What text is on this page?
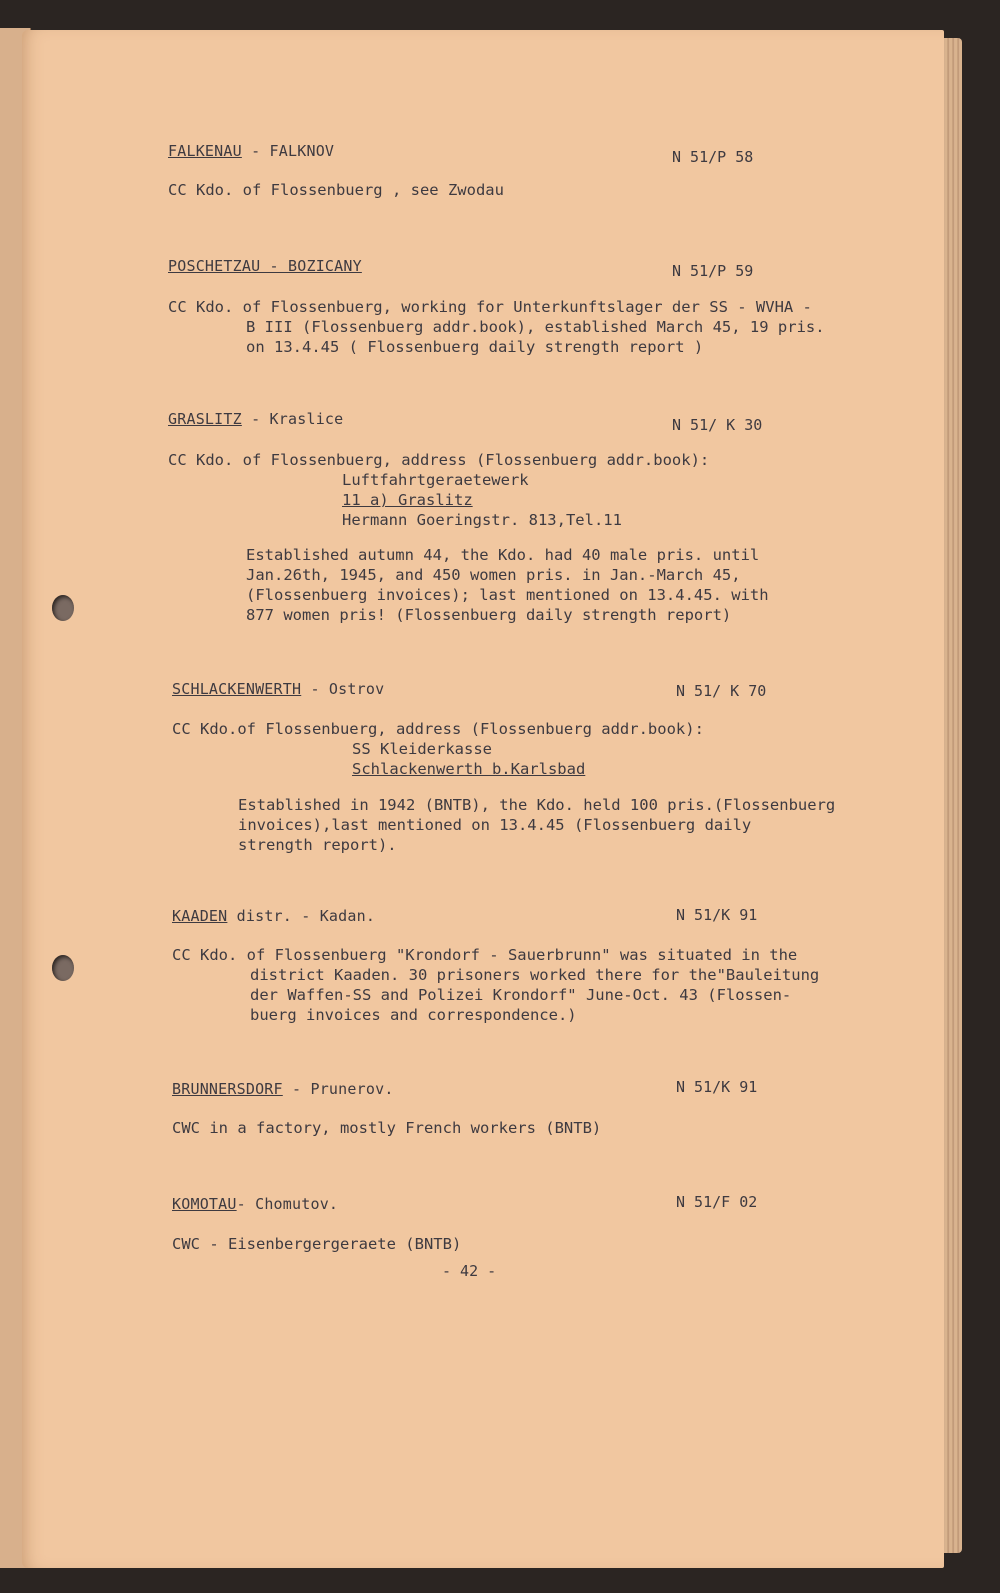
FALKENAU - FALKNOV	N 51/P 58
CC Kdo. of Flossenbuerg , see Zwodau
POSCHETZAU - BOZICANY	N 51/P 59
CC Kdo. of Flossenbuerg, working for Unterkunftslager der SS - WVHA -
B III (Flossenbuerg addr.book), established March 45, 19 pris.
on 13.4.45 ( Flossenbuerg daily strength report )
GRASLITZ - Kraslice	N 51/ K 30
CC Kdo. of Flossenbuerg, address (Flossenbuerg addr.book):
Luftfahrtgeraetewerk
11 a) Graslitz
Hermann Goeringstr. 813,Tel.11
Established autumn 44, the Kdo. had 40 male pris. until
Jan.26th, 1945, and 450 women pris. in Jan.-March 45,
(Flossenbuerg invoices); last mentioned on 13.4.45. with
877 women pris! (Flossenbuerg daily strength report)
SCHLACKENWERTH - Ostrov	N 51/ K 70
CC Kdo.of Flossenbuerg, address (Flossenbuerg addr.book):
SS Kleiderkasse
Schlackenwerth b.Karlsbad
Established in 1942 (BNTB), the Kdo. held 100 pris.(Flossenbuerg
invoices),last mentioned on 13.4.45 (Flossenbuerg daily
strength report).
KAADEN distr. - Kadan.	N 51/K 91
CC Kdo. of Flossenbuerg "Krondorf - Sauerbrunn" was situated in the
district Kaaden. 30 prisoners worked there for the"Bauleitung
der Waffen-SS and Polizei Krondorf" June-Oct. 43 (Flossen-
buerg invoices and correspondence.)
BRUNNERSDORF - Prunerov.	N 51/K 91
CWC in a factory, mostly French workers (BNTB)
KOMOTAU- Chomutov.	N 51/F 02
CWC - Eisenbergergeraete (BNTB)
- 42 -
